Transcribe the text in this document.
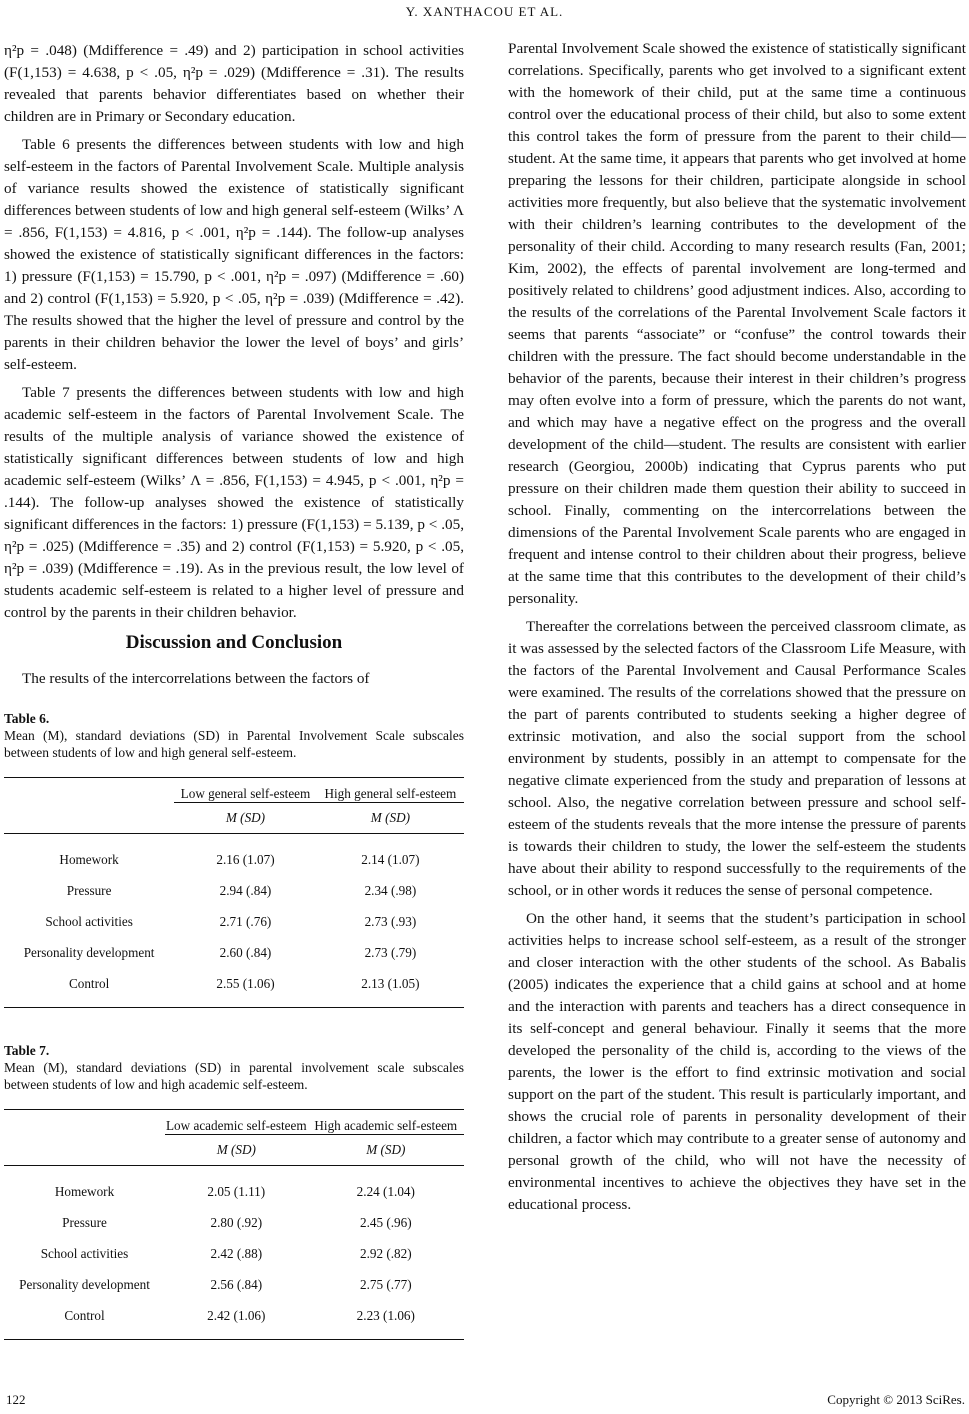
Y. XANTHACOU ET AL.

η²p = .048) (Mdifference = .49) and 2) participation in school activities (F(1,153) = 4.638, p < .05, η²p = .029) (Mdifference = .31). The results revealed that parents behavior differentiates based on whether their children are in Primary or Secondary education.

Table 6 presents the differences between students with low and high self-esteem in the factors of Parental Involvement Scale. Multiple analysis of variance results showed the existence of statistically significant differences between students of low and high general self-esteem (Wilks’ Λ = .856, F(1,153) = 4.816, p < .001, η²p = .144). The follow-up analyses showed the existence of statistically significant differences in the factors: 1) pressure (F(1,153) = 15.790, p < .001, η²p = .097) (Mdifference = .60) and 2) control (F(1,153) = 5.920, p < .05, η²p = .039) (Mdifference = .42). The results showed that the higher the level of pressure and control by the parents in their children behavior the lower the level of boys’ and girls’ self-esteem.

Table 7 presents the differences between students with low and high academic self-esteem in the factors of Parental Involvement Scale. The results of the multiple analysis of variance showed the existence of statistically significant differences between students of low and high academic self-esteem (Wilks’ Λ = .856, F(1,153) = 4.945, p < .001, η²p = .144). The follow-up analyses showed the existence of statistically significant differences in the factors: 1) pressure (F(1,153) = 5.139, p < .05, η²p = .025) (Mdifference = .35) and 2) control (F(1,153) = 5.920, p < .05, η²p = .039) (Mdifference = .19). As in the previous result, the low level of students academic self-esteem is related to a higher level of pressure and control by the parents in their children behavior.

Discussion and Conclusion

The results of the intercorrelations between the factors of

Table 6.
Mean (M), standard deviations (SD) in Parental Involvement Scale subscales between students of low and high general self-esteem.
	Low general self-esteem	High general self-esteem
	M (SD)	M (SD)
Homework	2.16 (1.07)	2.14 (1.07)
Pressure	2.94 (.84)	2.34 (.98)
School activities	2.71 (.76)	2.73 (.93)
Personality development	2.60 (.84)	2.73 (.79)
Control	2.55 (1.06)	2.13 (1.05)
Table 7.
Mean (M), standard deviations (SD) in parental involvement scale subscales between students of low and high academic self-esteem.
	Low academic self-esteem	High academic self-esteem
	M (SD)	M (SD)
Homework	2.05 (1.11)	2.24 (1.04)
Pressure	2.80 (.92)	2.45 (.96)
School activities	2.42 (.88)	2.92 (.82)
Personality development	2.56 (.84)	2.75 (.77)
Control	2.42 (1.06)	2.23 (1.06)

Parental Involvement Scale showed the existence of statistically significant correlations. Specifically, parents who get involved to a significant extent with the homework of their child, put at the same time a continuous control over the educational process of their child, but also to some extent this control takes the form of pressure from the parent to their child—student. At the same time, it appears that parents who get involved at home preparing the lessons for their children, participate alongside in school activities more frequently, but also believe that the systematic involvement with their children’s learning contributes to the development of the personality of their child. According to many research results (Fan, 2001; Kim, 2002), the effects of parental involvement are long-termed and positively related to childrens’ good adjustment indices. Also, according to the results of the correlations of the Parental Involvement Scale factors it seems that parents “associate” or “confuse” the control towards their children with the pressure. The fact should become understandable in the behavior of the parents, because their interest in their children’s progress may often evolve into a form of pressure, which the parents do not want, and which may have a negative effect on the progress and the overall development of the child—student. The results are consistent with earlier research (Georgiou, 2000b) indicating that Cyprus parents who put pressure on their children made them question their ability to succeed in school. Finally, commenting on the intercorrelations between the dimensions of the Parental Involvement Scale parents who are engaged in frequent and intense control to their children about their progress, believe at the same time that this contributes to the development of their child’s personality.

Thereafter the correlations between the perceived classroom climate, as it was assessed by the selected factors of the Classroom Life Measure, with the factors of the Parental Involvement and Causal Performance Scales were examined. The results of the correlations showed that the pressure on the part of parents contributed to students seeking a higher degree of extrinsic motivation, and also the social support from the school environment by students, possibly in an attempt to compensate for the negative climate experienced from the study and preparation of lessons at school. Also, the negative correlation between pressure and school self-esteem of the students reveals that the more intense the pressure of parents is towards their children to study, the lower the self-esteem the students have about their ability to respond successfully to the requirements of the school, or in other words it reduces the sense of personal competence.

On the other hand, it seems that the student’s participation in school activities helps to increase school self-esteem, as a result of the stronger and closer interaction with the other students of the school. As Babalis (2005) indicates the experience that a child gains at school and at home and the interaction with parents and teachers has a direct consequence in its self-concept and general behaviour. Finally it seems that the more developed the personality of the child is, according to the views of the parents, the lower is the effort to find extrinsic motivation and social support on the part of the student. This result is particularly important, and shows the crucial role of parents in personality development of their children, a factor which may contribute to a greater sense of autonomy and personal growth of the child, who will not have the necessity of environmental incentives to achieve the objectives they have set in the educational process.

122	Copyright © 2013 SciRes.
